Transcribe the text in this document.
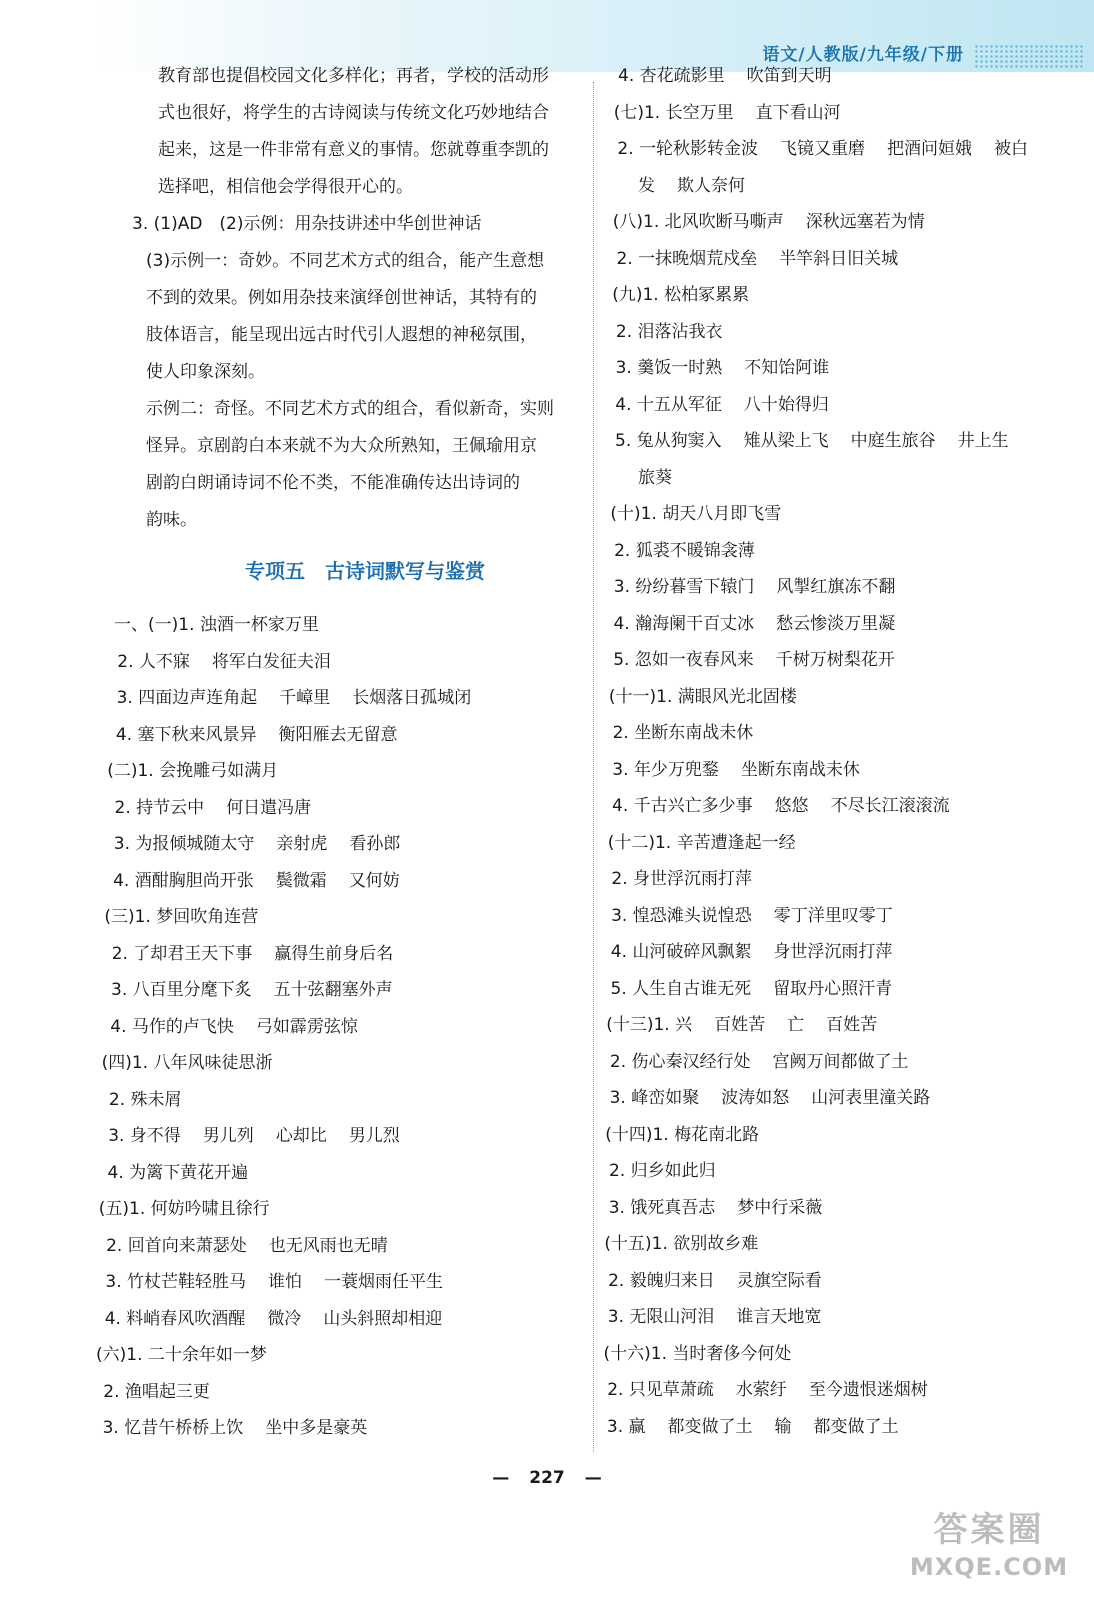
语文/人教版/九年级/下册
教育部也提倡校园文化多样化；再者，学校的活动形
式也很好，将学生的古诗阅读与传统文化巧妙地结合
起来，这是一件非常有意义的事情。您就尊重李凯的
选择吧，相信他会学得很开心的。
3. (1)AD　(2)示例：用杂技讲述中华创世神话
(3)示例一：奇妙。不同艺术方式的组合，能产生意想
不到的效果。例如用杂技来演绎创世神话，其特有的
肢体语言，能呈现出远古时代引人遐想的神秘氛围，
使人印象深刻。
示例二：奇怪。不同艺术方式的组合，看似新奇，实则
怪异。京剧韵白本来就不为大众所熟知，王佩瑜用京
剧韵白朗诵诗词不伦不类，不能准确传达出诗词的
韵味。
专项五 古诗词默写与鉴赏
一、(一)1. 浊酒一杯家万里
2. 人不寐 将军白发征夫泪
3. 四面边声连角起 千嶂里 长烟落日孤城闭
4. 塞下秋来风景异 衡阳雁去无留意
(二)1. 会挽雕弓如满月
2. 持节云中 何日遣冯唐
3. 为报倾城随太守 亲射虎 看孙郎
4. 酒酣胸胆尚开张 鬓微霜 又何妨
(三)1. 梦回吹角连营
2. 了却君王天下事 赢得生前身后名
3. 八百里分麾下炙 五十弦翻塞外声
4. 马作的卢飞快 弓如霹雳弦惊
(四)1. 八年风味徒思浙
2. 殊未屑
3. 身不得 男儿列 心却比 男儿烈
4. 为篱下黄花开遍
(五)1. 何妨吟啸且徐行
2. 回首向来萧瑟处 也无风雨也无晴
3. 竹杖芒鞋轻胜马 谁怕 一蓑烟雨任平生
4. 料峭春风吹酒醒 微冷 山头斜照却相迎
(六)1. 二十余年如一梦
2. 渔唱起三更
3. 忆昔午桥桥上饮 坐中多是豪英
4. 杏花疏影里 吹笛到天明
(七)1. 长空万里 直下看山河
2. 一轮秋影转金波 飞镜又重磨 把酒问姮娥 被白
发 欺人奈何
(八)1. 北风吹断马嘶声 深秋远塞若为情
2. 一抹晚烟荒戍垒 半竿斜日旧关城
(九)1. 松柏冢累累
2. 泪落沾我衣
3. 羹饭一时熟 不知饴阿谁
4. 十五从军征 八十始得归
5. 兔从狗窦入 雉从梁上飞 中庭生旅谷 井上生
旅葵
(十)1. 胡天八月即飞雪
2. 狐裘不暖锦衾薄
3. 纷纷暮雪下辕门 风掣红旗冻不翻
4. 瀚海阑干百丈冰 愁云惨淡万里凝
5. 忽如一夜春风来 千树万树梨花开
(十一)1. 满眼风光北固楼
2. 坐断东南战未休
3. 年少万兜鍪 坐断东南战未休
4. 千古兴亡多少事 悠悠 不尽长江滚滚流
(十二)1. 辛苦遭逢起一经
2. 身世浮沉雨打萍
3. 惶恐滩头说惶恐 零丁洋里叹零丁
4. 山河破碎风飘絮 身世浮沉雨打萍
5. 人生自古谁无死 留取丹心照汗青
(十三)1. 兴 百姓苦 亡 百姓苦
2. 伤心秦汉经行处 宫阙万间都做了土
3. 峰峦如聚 波涛如怒 山河表里潼关路
(十四)1. 梅花南北路
2. 归乡如此归
3. 饿死真吾志 梦中行采薇
(十五)1. 欲别故乡难
2. 毅魄归来日 灵旗空际看
3. 无限山河泪 谁言天地宽
(十六)1. 当时奢侈今何处
2. 只见草萧疏 水萦纡 至今遗恨迷烟树
3. 赢 都变做了土 输 都变做了土
— 227 —
答案圈
MXQE.COM
